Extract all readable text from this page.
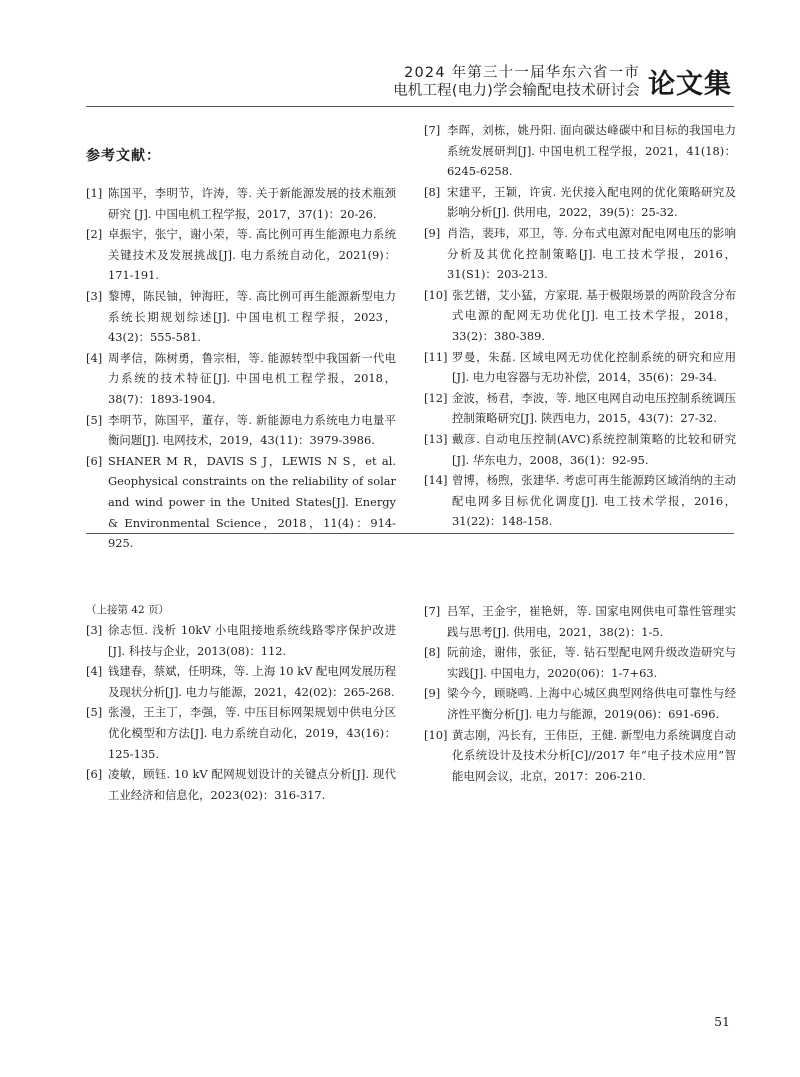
2024 年第三十一届华东六省一市
电机工程(电力)学会输配电技术研讨会 论文集
参考文献：

[1] 陈国平，李明节，许涛，等. 关于新能源发展的技术瓶颈研究 [J]. 中国电机工程学报，2017，37(1)：20-26.

[2] 卓振宇，张宁，谢小荣，等. 高比例可再生能源电力系统关键技术及发展挑战[J]. 电力系统自动化，2021(9)：171-191.

[3] 黎博，陈民铀，钟海旺，等. 高比例可再生能源新型电力系统长期规划综述[J]. 中国电机工程学报，2023，43(2)：555-581.

[4] 周孝信，陈树勇，鲁宗相，等. 能源转型中我国新一代电力系统的技术特征[J]. 中国电机工程学报，2018，38(7)：1893-1904.

[5] 李明节，陈国平，董存，等. 新能源电力系统电力电量平衡问题[J]. 电网技术，2019，43(11)：3979-3986.

[6] SHANER M R，DAVIS S J，LEWIS N S，et al. Geophysical constraints on the reliability of solar and wind power in the United States[J]. Energy & Environmental Science，2018，11(4)：914-925.

[7] 李晖，刘栋，姚丹阳. 面向碳达峰碳中和目标的我国电力系统发展研判[J]. 中国电机工程学报，2021，41(18)：6245-6258.

[8] 宋建平，王颖，许寅. 光伏接入配电网的优化策略研究及影响分析[J]. 供用电，2022，39(5)：25-32.

[9] 肖浩，裴玮，邓卫，等. 分布式电源对配电网电压的影响分析及其优化控制策略[J]. 电工技术学报，2016，31(S1)：203-213.

[10] 张艺镨，艾小猛，方家琨. 基于极限场景的两阶段含分布式电源的配网无功优化[J]. 电工技术学报，2018，33(2)：380-389.

[11] 罗曼，朱磊. 区域电网无功优化控制系统的研究和应用[J]. 电力电容器与无功补偿，2014，35(6)：29-34.

[12] 金波，杨君，李波，等. 地区电网自动电压控制系统调压控制策略研究[J]. 陕西电力，2015，43(7)：27-32.

[13] 戴彦. 自动电压控制(AVC)系统控制策略的比较和研究[J]. 华东电力，2008，36(1)：92-95.

[14] 曾博，杨煦，张建华. 考虑可再生能源跨区域消纳的主动配电网多目标优化调度[J]. 电工技术学报，2016，31(22)：148-158.

（上接第 42 页）

[3] 徐志恒. 浅析 10kV 小电阻接地系统线路零序保护改进[J]. 科技与企业，2013(08)：112.

[4] 钱建春，蔡斌，任明珠，等. 上海 10 kV 配电网发展历程及现状分析[J]. 电力与能源，2021，42(02)：265-268.

[5] 张漫，王主丁，李强，等. 中压目标网架规划中供电分区优化模型和方法[J]. 电力系统自动化，2019，43(16)：125-135.

[6] 凌敏，顾钰. 10 kV 配网规划设计的关键点分析[J]. 现代工业经济和信息化，2023(02)：316-317.

[7] 吕军，王金宇，崔艳妍，等. 国家电网供电可靠性管理实践与思考[J]. 供用电，2021，38(2)：1-5.

[8] 阮前途，谢伟，张征，等. 钻石型配电网升级改造研究与实践[J]. 中国电力，2020(06)：1-7+63.

[9] 梁今今，顾晓鸣. 上海中心城区典型网络供电可靠性与经济性平衡分析[J]. 电力与能源，2019(06)：691-696.

[10] 黄志刚，冯长有，王伟臣，王健. 新型电力系统调度自动化系统设计及技术分析[C]//2017 年“电子技术应用”智能电网会议，北京，2017：206-210.

51
